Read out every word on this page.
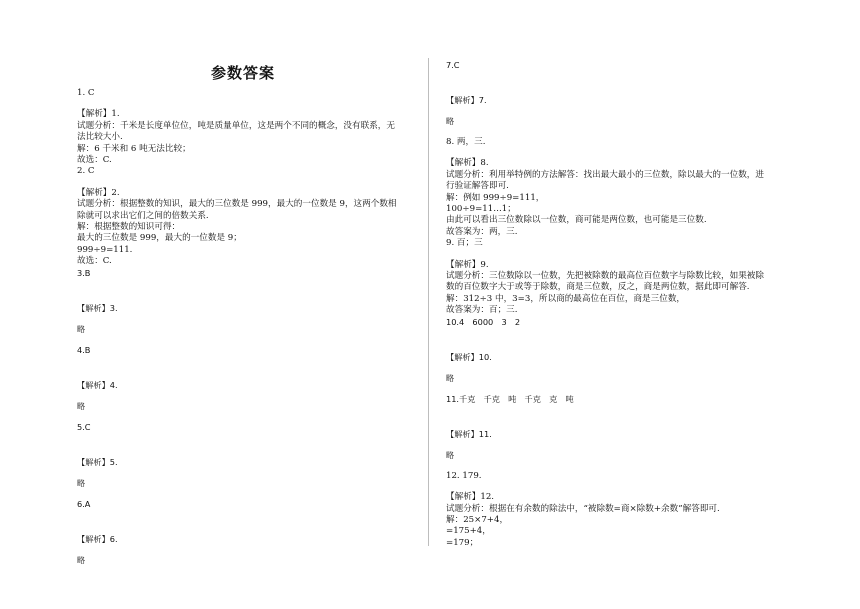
参数答案
1. C
【解析】1.
试题分析：千米是长度单位位，吨是质量单位，这是两个不同的概念，没有联系，无
法比较大小.
解：6 千米和 6 吨无法比较；
故选：C.
2. C
【解析】2.
试题分析：根据整数的知识，最大的三位数是 999，最大的一位数是 9，这两个数相
除就可以求出它们之间的倍数关系.
解：根据整数的知识可得：
最大的三位数是 999，最大的一位数是 9；
999÷9=111.
故选：C.
3.B
【解析】3.
略
4.B
【解析】4.
略
5.C
【解析】5.
略
6.A
【解析】6.
略
7.C
【解析】7.
略
8. 两，三.
【解析】8.
试题分析：利用举特例的方法解答：找出最大最小的三位数，除以最大的一位数，进
行验证解答即可.
解：例如 999÷9=111，
100÷9=11…1；
由此可以看出三位数除以一位数，商可能是两位数，也可能是三位数.
故答案为：两，三.
9. 百；三
【解析】9.
试题分析：三位数除以一位数，先把被除数的最高位百位数字与除数比较，如果被除
数的百位数字大于或等于除数，商是三位数，反之，商是两位数，据此即可解答.
解：312÷3 中，3=3，所以商的最高位在百位，商是三位数，
故答案为：百；三.
10.4　6000　3　2
【解析】10.
略
11.千克　千克　吨　千克　克　吨
【解析】11.
略
12. 179.
【解析】12.
试题分析：根据在有余数的除法中，“被除数=商×除数+余数”解答即可.
解：25×7+4，
=175+4，
=179；
